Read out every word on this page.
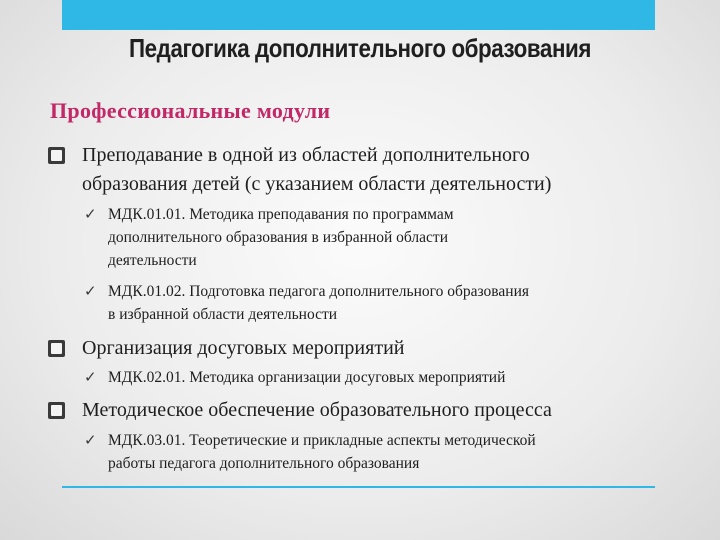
Педагогика дополнительного образования
Профессиональные модули
Преподавание в одной из областей дополнительного
образования детей (с указанием области деятельности)
✓ МДК.01.01. Методика преподавания по программам
дополнительного образования в избранной области
деятельности
✓ МДК.01.02. Подготовка педагога дополнительного образования
в избранной области деятельности
Организация досуговых мероприятий
✓ МДК.02.01. Методика организации досуговых мероприятий
Методическое обеспечение образовательного процесса
✓ МДК.03.01. Теоретические и прикладные аспекты методической
работы педагога дополнительного образования
